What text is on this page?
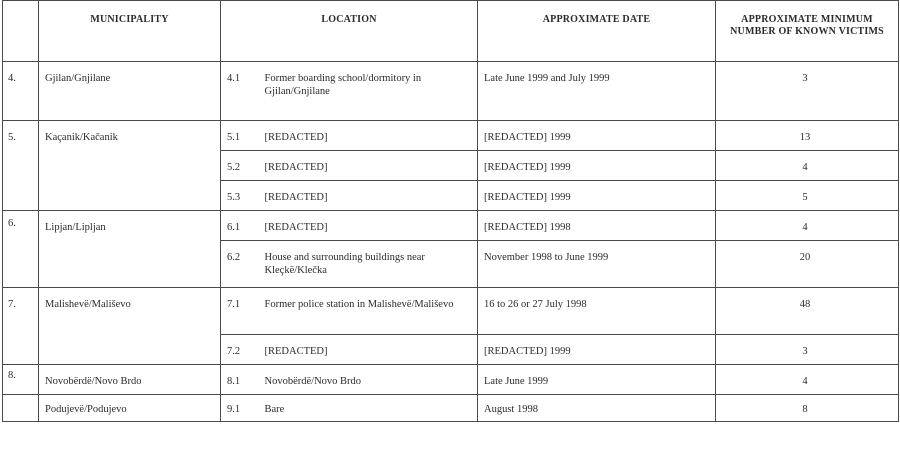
	MUNICIPALITY	LOCATION		APPROXIMATE DATE	APPROXIMATE MINIMUM NUMBER OF KNOWN VICTIMS
4.	Gjilan/Gnjilane	4.1	Former boarding school/dormitory in Gjilan/Gnjilane	Late June 1999 and July 1999	3
5.	Kaçanik/Kačanik	5.1	[REDACTED]	[REDACTED] 1999	13
		5.2	[REDACTED]	[REDACTED] 1999	4
		5.3	[REDACTED]	[REDACTED] 1999	5
6.	Lipjan/Lipljan	6.1	[REDACTED]	[REDACTED] 1998	4
		6.2	House and surrounding buildings near Kleçkë/Klečka	November 1998 to June 1999	20
7.	Malishevë/Mališevo	7.1	Former police station in Malishevë/Mališevo	16 to 26 or 27 July 1998	48
		7.2	[REDACTED]	[REDACTED] 1999	3
8.	Novobërdë/Novo Brdo	8.1	Novobërdë/Novo Brdo	Late June 1999	4
	Podujevë/Podujevo	9.1	Bare	August 1998	8
